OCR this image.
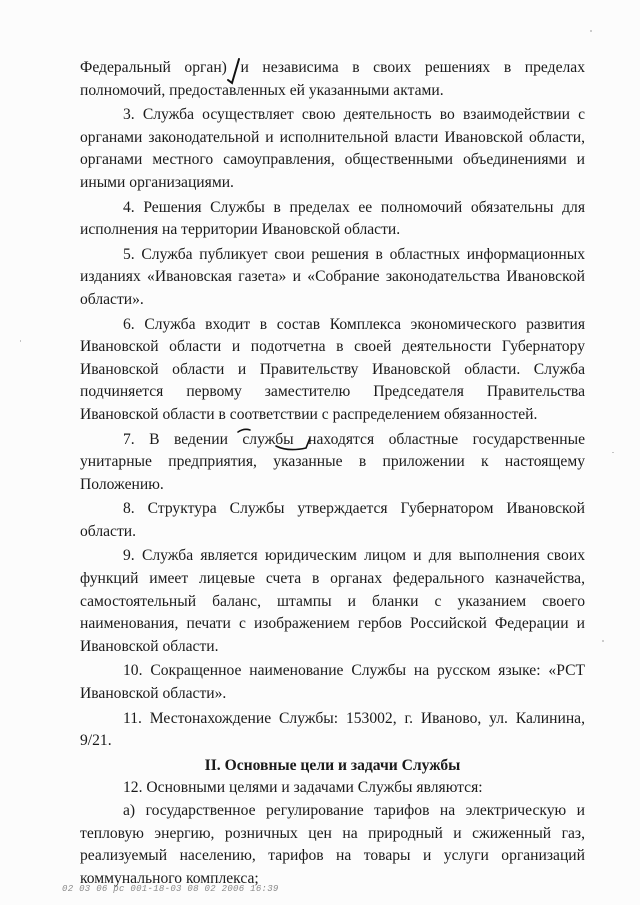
Федеральный орган) и независима в своих решениях в пределах полномочий, предоставленных ей указанными актами.

3. Служба осуществляет свою деятельность во взаимодействии с органами законодательной и исполнительной власти Ивановской области, органами местного самоуправления, общественными объединениями и иными организациями.

4. Решения Службы в пределах ее полномочий обязательны для исполнения на территории Ивановской области.

5. Служба публикует свои решения в областных информационных изданиях «Ивановская газета» и «Собрание законодательства Ивановской области».

6. Служба входит в состав Комплекса экономического развития Ивановской области и подотчетна в своей деятельности Губернатору Ивановской области и Правительству Ивановской области. Служба подчиняется первому заместителю Председателя Правительства Ивановской области в соответствии с распределением обязанностей.

7. В ведении службы находятся областные государственные унитарные предприятия, указанные в приложении к настоящему Положению.

8. Структура Службы утверждается Губернатором Ивановской области.

9. Служба является юридическим лицом и для выполнения своих функций имеет лицевые счета в органах федерального казначейства, самостоятельный баланс, штампы и бланки с указанием своего наименования, печати с изображением гербов Российской Федерации и Ивановской области.

10. Сокращенное наименование Службы на русском языке: «РСТ Ивановской области».

11. Местонахождение Службы: 153002, г. Иваново, ул. Калинина, 9/21.

II. Основные цели и задачи Службы

12. Основными целями и задачами Службы являются:

а) государственное регулирование тарифов на электрическую и тепловую энергию, розничных цен на природный и сжиженный газ, реализуемый населению, тарифов на товары и услуги организаций коммунального комплекса;

02 03 06 pc 001-18-03 08 02 2006 16:39
